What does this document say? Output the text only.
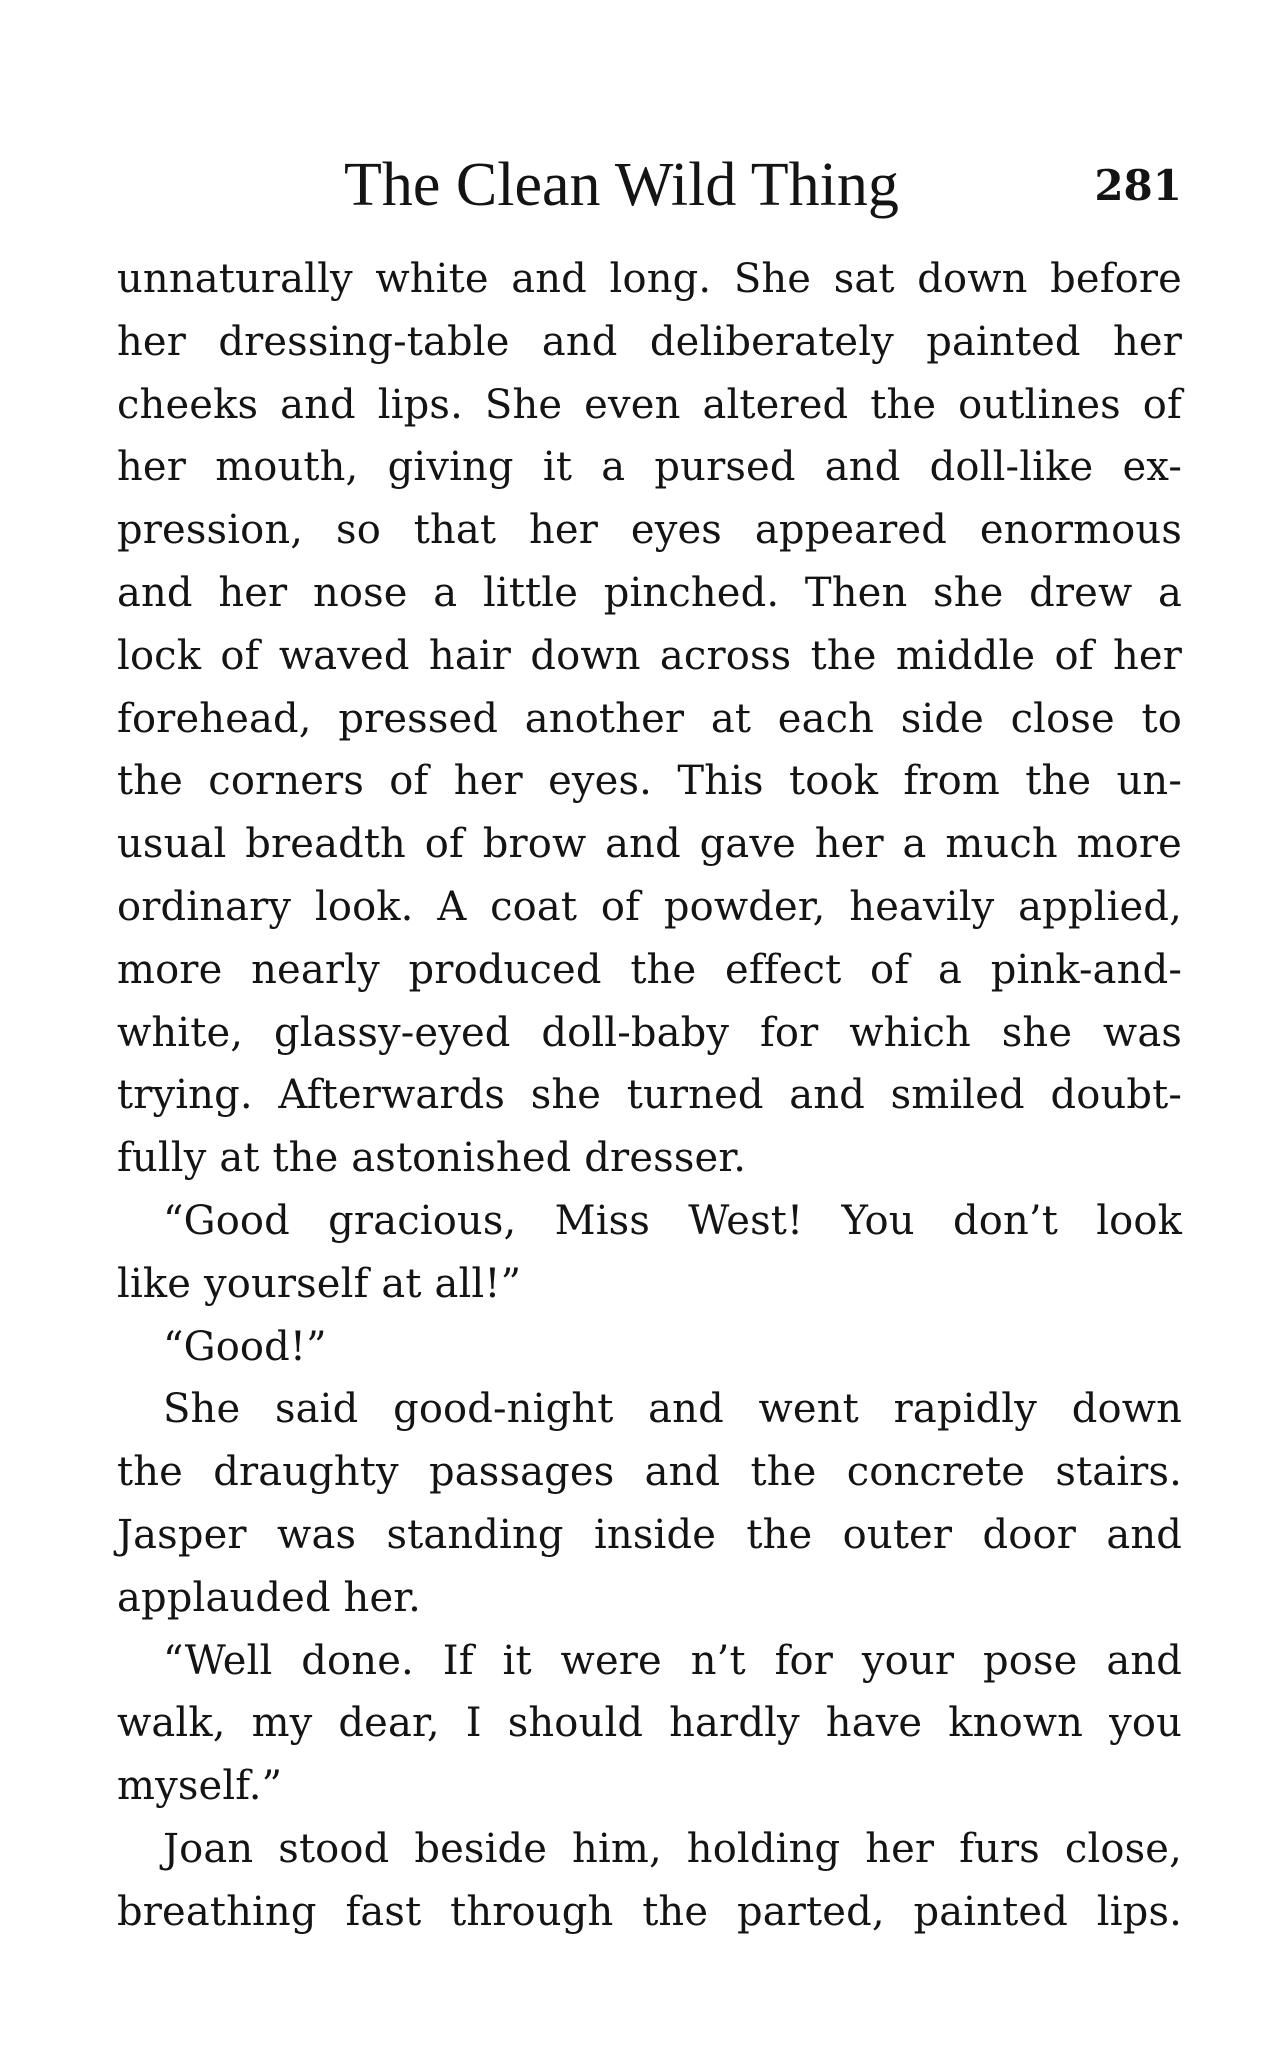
The Clean Wild Thing	281
unnaturally white and long. She sat down before
her dressing-table and deliberately painted her
cheeks and lips. She even altered the outlines of
her mouth, giving it a pursed and doll-like ex-
pression, so that her eyes appeared enormous
and her nose a little pinched. Then she drew a
lock of waved hair down across the middle of her
forehead, pressed another at each side close to
the corners of her eyes. This took from the un-
usual breadth of brow and gave her a much more
ordinary look. A coat of powder, heavily applied,
more nearly produced the effect of a pink-and-
white, glassy-eyed doll-baby for which she was
trying. Afterwards she turned and smiled doubt-
fully at the astonished dresser.
“Good gracious, Miss West! You don’t look
like yourself at all!”
“Good!”
She said good-night and went rapidly down
the draughty passages and the concrete stairs.
Jasper was standing inside the outer door and
applauded her.
“Well done. If it were n’t for your pose and
walk, my dear, I should hardly have known you
myself.”
Joan stood beside him, holding her furs close,
breathing fast through the parted, painted lips.
